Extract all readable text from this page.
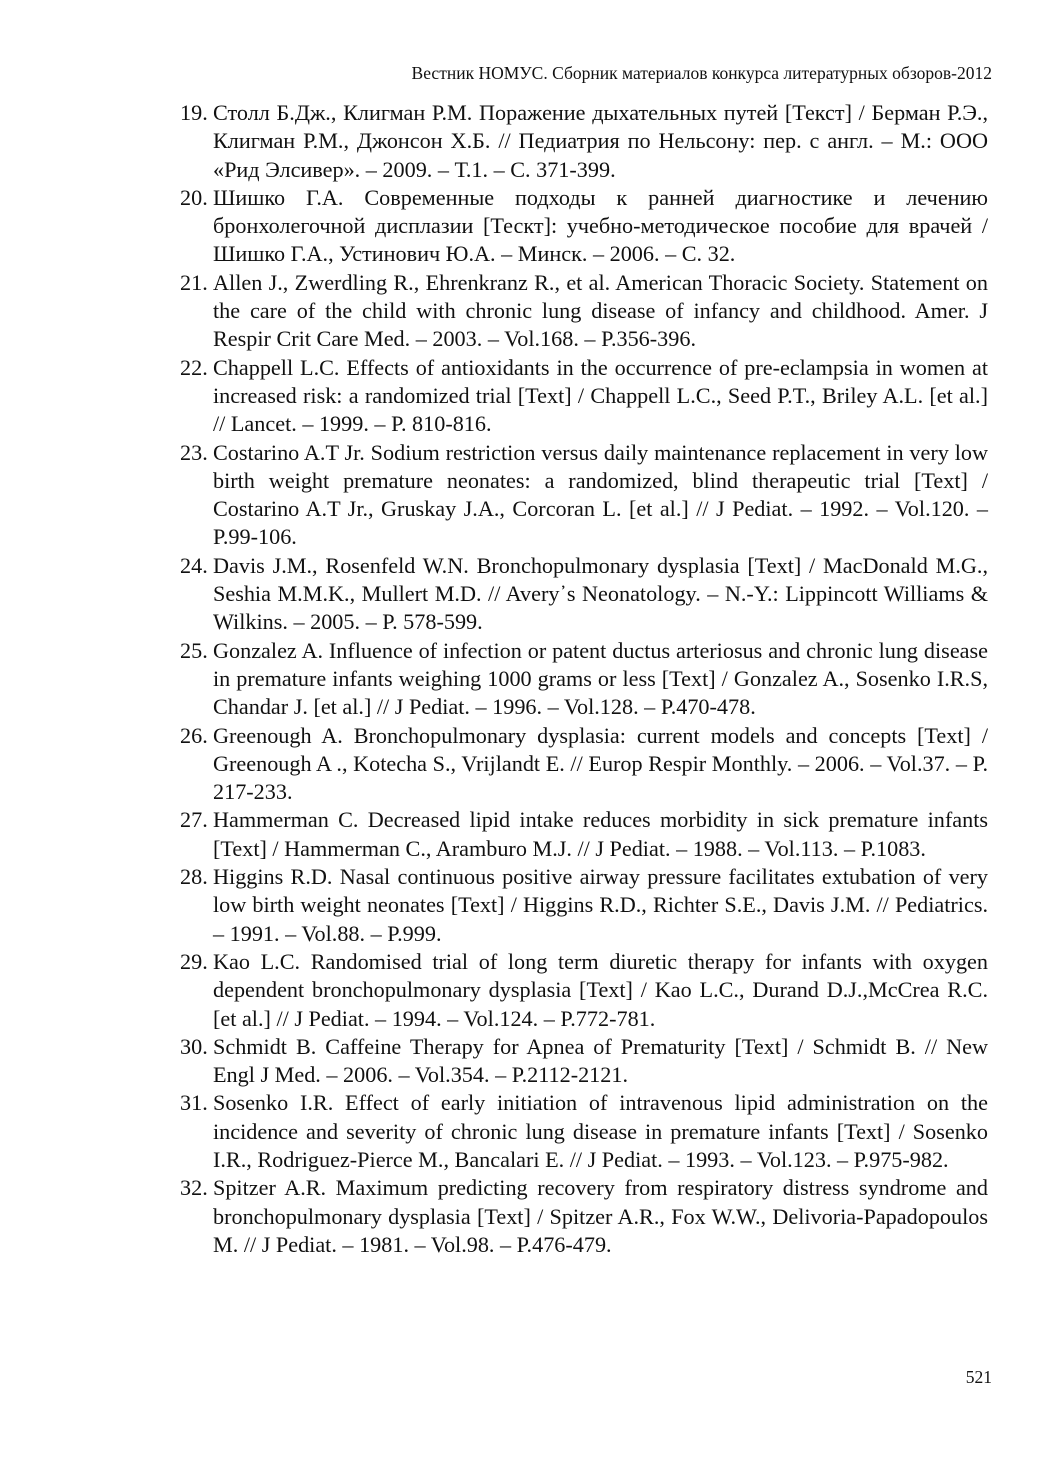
Вестник НОМУС. Сборник материалов конкурса литературных обзоров-2012
19. Столл Б.Дж., Клигман Р.М. Поражение дыхательных путей [Текст] / Берман Р.Э., Клигман Р.М., Джонсон Х.Б. // Педиатрия по Нельсону: пер. с англ. – М.: ООО «Рид Элсивер». – 2009. – Т.1. – С. 371-399.
20. Шишко Г.А. Современные подходы к ранней диагностике и лечению бронхолегочной дисплазии [Тескт]: учебно-методическое пособие для врачей / Шишко Г.А., Устинович Ю.А. – Минск. – 2006. – С. 32.
21. Allen J., Zwerdling R., Ehrenkranz R., et al. American Thoracic Society. Statement on the care of the child with chronic lung disease of infancy and childhood. Amer. J Respir Crit Care Med. – 2003. – Vol.168. – P.356-396.
22. Chappell L.C. Effects of antioxidants in the occurrence of pre-eclampsia in women at increased risk: a randomized trial [Text] / Chappell L.C., Seed P.T., Briley A.L. [et al.] // Lancet. – 1999. – P. 810-816.
23. Costarino A.T Jr. Sodium restriction versus daily maintenance replacement in very low birth weight premature neonates: a randomized, blind therapeutic trial [Text] / Costarino A.T Jr., Gruskay J.A., Corcoran L. [et al.] // J Pediat. – 1992. – Vol.120. – P.99-106.
24. Davis J.M., Rosenfeld W.N. Bronchopulmonary dysplasia [Text] / MacDonald M.G., Seshia M.M.K., Mullert M.D. // Avery᾽s Neonatology. – N.-Y.: Lippincott Williams & Wilkins. – 2005. – P. 578-599.
25. Gonzalez A. Influence of infection or patent ductus arteriosus and chronic lung disease in premature infants weighing 1000 grams or less [Text] / Gonzalez A., Sosenko I.R.S, Chandar J. [et al.] // J Pediat. – 1996. – Vol.128. – P.470-478.
26. Greenough A. Bronchopulmonary dysplasia: current models and concepts [Text] / Greenough A ., Kotecha S., Vrijlandt E. // Europ Respir Monthly. – 2006. – Vol.37. – P. 217-233.
27. Hammerman C. Decreased lipid intake reduces morbidity in sick premature infants [Text] / Hammerman C., Aramburo M.J. // J Pediat. – 1988. – Vol.113. – P.1083.
28. Higgins R.D. Nasal continuous positive airway pressure facilitates extubation of very low birth weight neonates [Text] / Higgins R.D., Richter S.E., Davis J.M. // Pediatrics. – 1991. – Vol.88. – P.999.
29. Kao L.C. Randomised trial of long term diuretic therapy for infants with oxygen dependent bronchopulmonary dysplasia [Text] / Kao L.C., Durand D.J.,McCrea R.C. [et al.] // J Pediat. – 1994. – Vol.124. – P.772-781.
30. Schmidt B. Caffeine Therapy for Apnea of Prematurity [Text] / Schmidt B. // New Engl J Med. – 2006. – Vol.354. – P.2112-2121.
31. Sosenko I.R. Effect of early initiation of intravenous lipid administration on the incidence and severity of chronic lung disease in premature infants [Text] / Sosenko I.R., Rodriguez-Pierce M., Bancalari E. // J Pediat. – 1993. – Vol.123. – P.975-982.
32. Spitzer A.R. Maximum predicting recovery from respiratory distress syndrome and bronchopulmonary dysplasia [Text] / Spitzer A.R., Fox W.W., Delivoria-Papadopoulos M. // J Pediat. – 1981. – Vol.98. – P.476-479.
521
